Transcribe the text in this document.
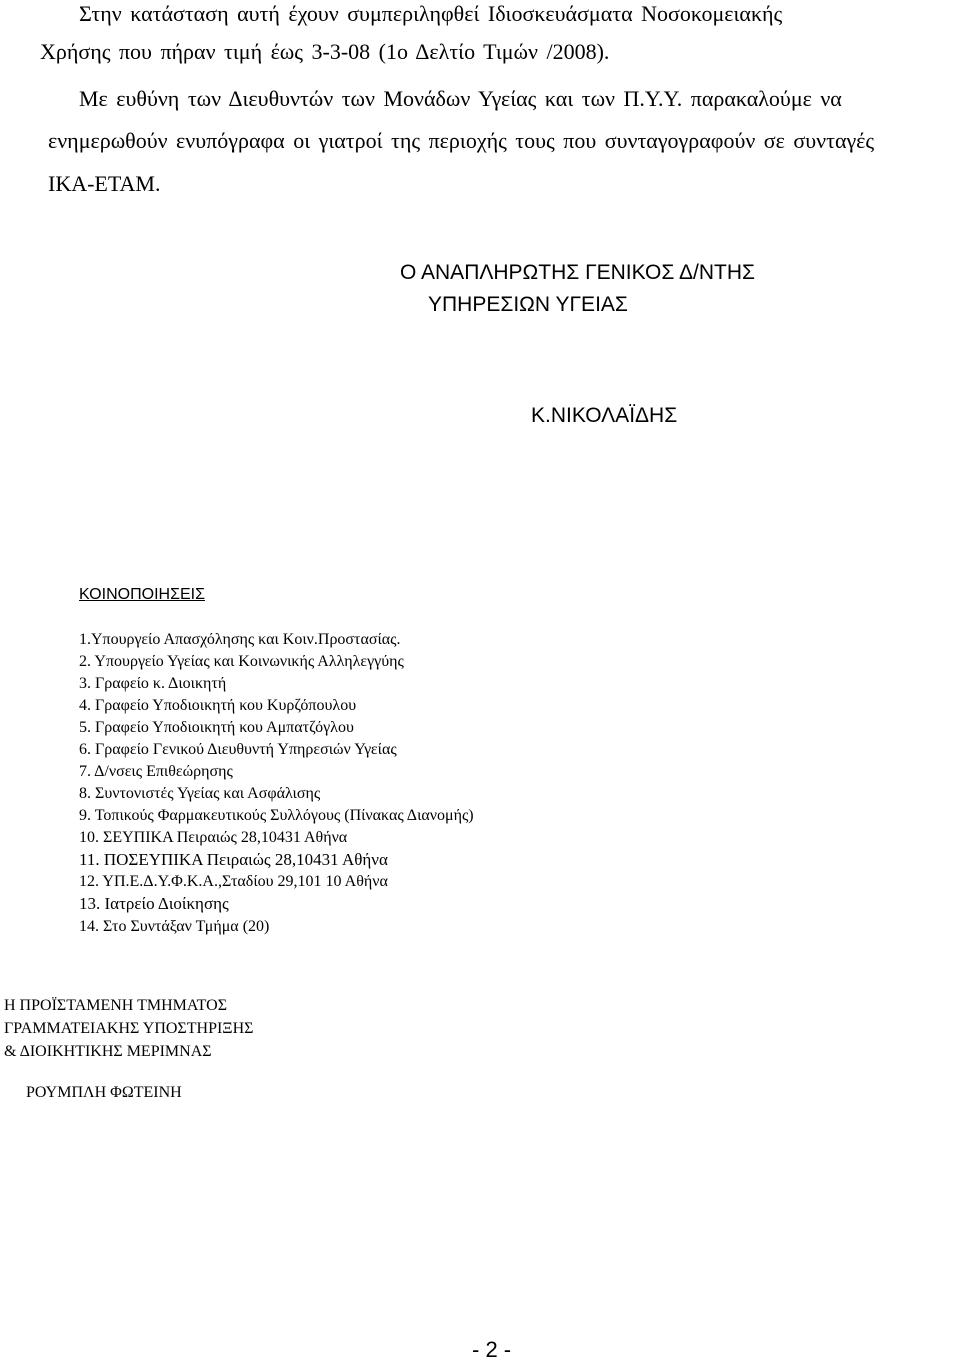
Στην κατάσταση αυτή έχουν συμπεριληφθεί Ιδιοσκευάσματα Νοσοκομειακής
Χρήσης που πήραν τιμή έως 3-3-08 (1ο Δελτίο Τιμών /2008).
Με ευθύνη των Διευθυντών των Μονάδων Υγείας και των Π.Υ.Υ. παρακαλούμε να
ενημερωθούν ενυπόγραφα οι γιατροί της περιοχής τους που συνταγογραφούν σε συνταγές
ΙΚΑ-ΕΤΑΜ.
Ο ΑΝΑΠΛΗΡΩΤΗΣ ΓΕΝΙΚΟΣ Δ/ΝΤΗΣ
ΥΠΗΡΕΣΙΩΝ ΥΓΕΙΑΣ
Κ.ΝΙΚΟΛΑΪΔΗΣ
ΚΟΙΝΟΠΟΙΗΣΕΙΣ
1.Υπουργείο Απασχόλησης και Κοιν.Προστασίας.
2. Υπουργείο Υγείας και Κοινωνικής Αλληλεγγύης
3. Γραφείο κ. Διοικητή
4. Γραφείο Υποδιοικητή κου Κυρζόπουλου
5. Γραφείο Υποδιοικητή κου Αμπατζόγλου
6. Γραφείο Γενικού Διευθυντή Υπηρεσιών Υγείας
7. Δ/νσεις Επιθεώρησης
8. Συντονιστές Υγείας και Ασφάλισης
9. Τοπικούς Φαρμακευτικούς Συλλόγους (Πίνακας Διανομής)
10. ΣΕΥΠΙΚΑ Πειραιώς 28,10431 Αθήνα
11. ΠΟΣΕΥΠΙΚΑ Πειραιώς 28,10431 Αθήνα
12. ΥΠ.Ε.Δ.Υ.Φ.Κ.Α.,Σταδίου 29,101 10 Αθήνα
13. Ιατρείο Διοίκησης
14. Στο Συντάξαν Τμήμα (20)
Η ΠΡΟΪΣΤΑΜΕΝΗ ΤΜΗΜΑΤΟΣ
ΓΡΑΜΜΑΤΕΙΑΚΗΣ ΥΠΟΣΤΗΡΙΞΗΣ
& ΔΙΟΙΚΗΤΙΚΗΣ ΜΕΡΙΜΝΑΣ
ΡΟΥΜΠΛΗ ΦΩΤΕΙΝΗ
- 2 -
